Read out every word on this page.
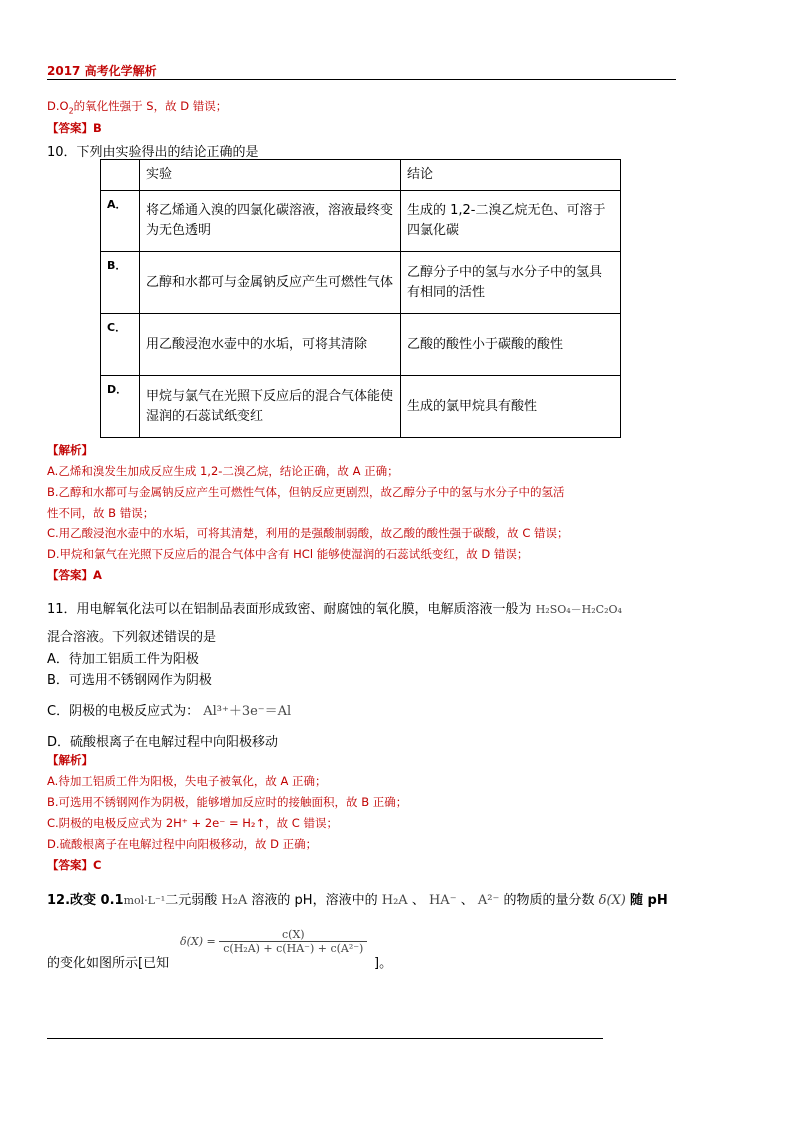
2017 高考化学解析
$D.O_2$的氧化性强于 S，故 D 错误；
【答案】B
10．下列由实验得出的结论正确的是
	实验	结论
A．	将乙烯通入溴的四氯化碳溶液，溶液最终变为无色透明	生成的 1,2-二溴乙烷无色、可溶于四氯化碳
B．	乙醇和水都可与金属钠反应产生可燃性气体	乙醇分子中的氢与水分子中的氢具有相同的活性
C．	用乙酸浸泡水壶中的水垢，可将其清除	乙酸的酸性小于碳酸的酸性
D．	甲烷与氯气在光照下反应后的混合气体能使湿润的石蕊试纸变红	生成的氯甲烷具有酸性
【解析】
A.乙烯和溴发生加成反应生成 1,2-二溴乙烷，结论正确，故 A 正确；
B.乙醇和水都可与金属钠反应产生可燃性气体，但钠反应更剧烈，故乙醇分子中的氢与水分子中的氢活
性不同，故 B 错误；
C.用乙酸浸泡水壶中的水垢，可将其清楚，利用的是强酸制弱酸，故乙酸的酸性强于碳酸，故 C 错误；
D.甲烷和氯气在光照下反应后的混合气体中含有 HCl 能够使湿润的石蕊试纸变红，故 D 错误；
【答案】A
11．用电解氧化法可以在铝制品表面形成致密、耐腐蚀的氧化膜，电解质溶液一般为 H₂SO₄－H₂C₂O₄
混合溶液。下列叙述错误的是
A．待加工铝质工件为阳极
B．可选用不锈钢网作为阴极
C．阴极的电极反应式为： Al³⁺＋3e⁻＝Al
D．硫酸根离子在电解过程中向阳极移动
【解析】
A.待加工铝质工件为阳极，失电子被氧化，故 A 正确；
B.可选用不锈钢网作为阴极，能够增加反应时的接触面积，故 B 正确；
C.阴极的电极反应式为 2H⁺ + 2e⁻ = H₂↑，故 C 错误；
D.硫酸根离子在电解过程中向阳极移动，故 D 正确；
【答案】C
12.改变 0.1mol·L⁻¹二元弱酸 H₂A 溶液的 pH，溶液中的 H₂A 、 HA⁻ 、 A²⁻ 的物质的量分数 δ(X) 随 pH
的变化如图所示[已知
$\delta(X) = \frac{c(X)}{\text{c(H₂A) + c(HA⁻) + c(A²⁻)}}$
]。
